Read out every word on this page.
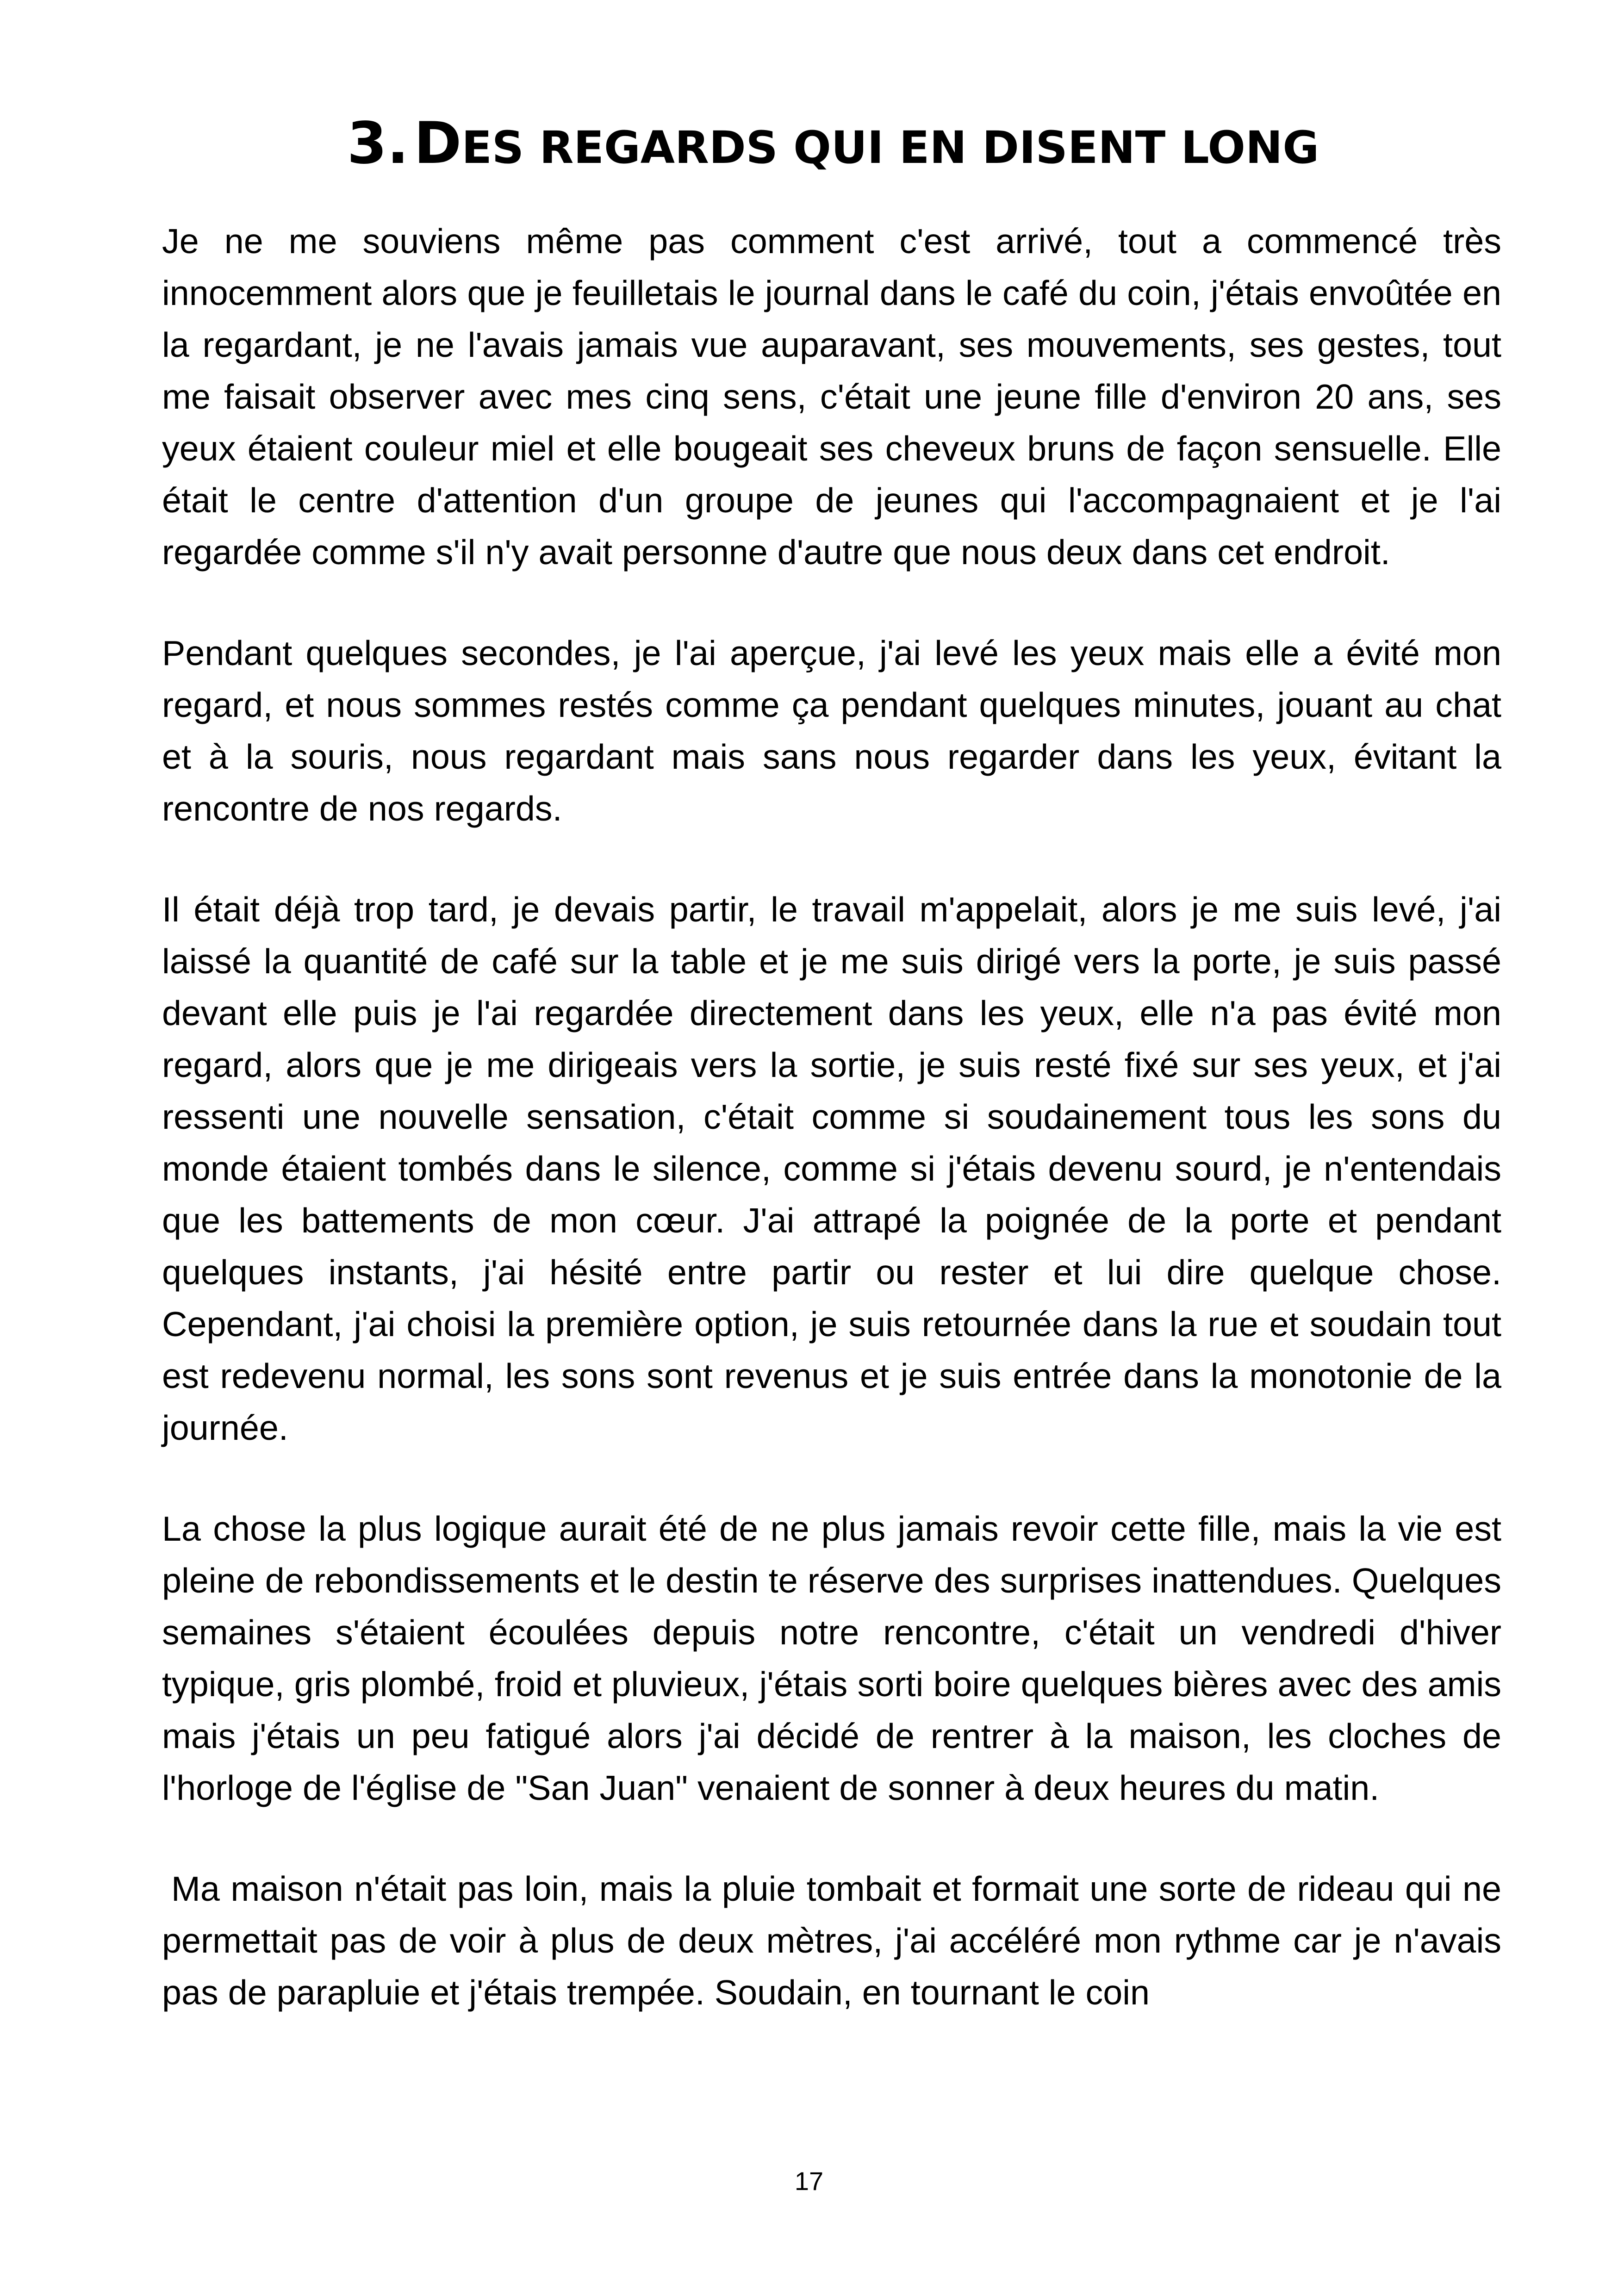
3. DES REGARDS QUI EN DISENT LONG

Je ne me souviens même pas comment c'est arrivé, tout a commencé très innocemment alors que je feuilletais le journal dans le café du coin, j'étais envoûtée en la regardant, je ne l'avais jamais vue auparavant, ses mouvements, ses gestes, tout me faisait observer avec mes cinq sens, c'était une jeune fille d'environ 20 ans, ses yeux étaient couleur miel et elle bougeait ses cheveux bruns de façon sensuelle. Elle était le centre d'attention d'un groupe de jeunes qui l'accompagnaient et je l'ai regardée comme s'il n'y avait personne d'autre que nous deux dans cet endroit.

Pendant quelques secondes, je l'ai aperçue, j'ai levé les yeux mais elle a évité mon regard, et nous sommes restés comme ça pendant quelques minutes, jouant au chat et à la souris, nous regardant mais sans nous regarder dans les yeux, évitant la rencontre de nos regards.

Il était déjà trop tard, je devais partir, le travail m'appelait, alors je me suis levé, j'ai laissé la quantité de café sur la table et je me suis dirigé vers la porte, je suis passé devant elle puis je l'ai regardée directement dans les yeux, elle n'a pas évité mon regard, alors que je me dirigeais vers la sortie, je suis resté fixé sur ses yeux, et j'ai ressenti une nouvelle sensation, c'était comme si soudainement tous les sons du monde étaient tombés dans le silence, comme si j'étais devenu sourd, je n'entendais que les battements de mon cœur. J'ai attrapé la poignée de la porte et pendant quelques instants, j'ai hésité entre partir ou rester et lui dire quelque chose. Cependant, j'ai choisi la première option, je suis retournée dans la rue et soudain tout est redevenu normal, les sons sont revenus et je suis entrée dans la monotonie de la journée.

La chose la plus logique aurait été de ne plus jamais revoir cette fille, mais la vie est pleine de rebondissements et le destin te réserve des surprises inattendues. Quelques semaines s'étaient écoulées depuis notre rencontre, c'était un vendredi d'hiver typique, gris plombé, froid et pluvieux, j'étais sorti boire quelques bières avec des amis mais j'étais un peu fatigué alors j'ai décidé de rentrer à la maison, les cloches de l'horloge de l'église de "San Juan" venaient de sonner à deux heures du matin.

Ma maison n'était pas loin, mais la pluie tombait et formait une sorte de rideau qui ne permettait pas de voir à plus de deux mètres, j'ai accéléré mon rythme car je n'avais pas de parapluie et j'étais trempée. Soudain, en tournant le coin

17
